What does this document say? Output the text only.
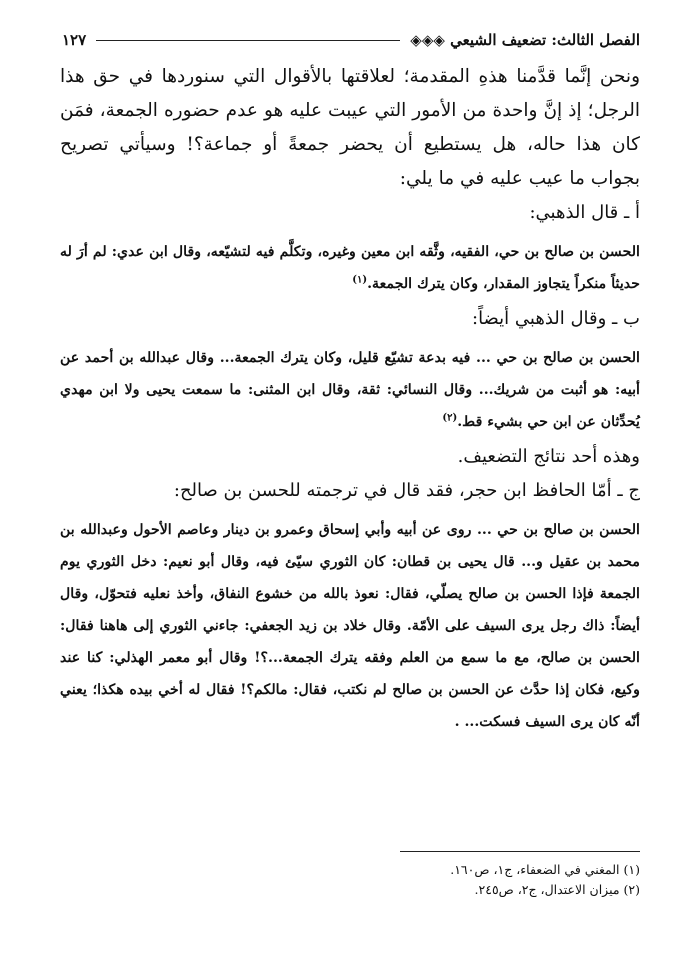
الفصل الثالث: تضعيف الشيعي ◈◈◈
١٢٧

ونحن إنَّما قدَّمنا هذهِ المقدمة؛ لعلاقتها بالأقوال التي سنوردها في حق هذا الرجل؛ إذ إنَّ واحدة من الأمور التي عيبت عليه هو عدم حضوره الجمعة، فمَن كان هذا حاله، هل يستطيع أن يحضر جمعةً أو جماعة؟! وسيأتي تصريح بجواب ما عيب عليه في ما يلي:

أ ـ قال الذهبي:

الحسن بن صالح بن حي، الفقيه، وثَّقه ابن معين وغيره، وتكلَّم فيه لتشيّعه، وقال ابن عدي: لم أرَ له حديثاً منكراً يتجاوز المقدار، وكان يترك الجمعة.$^{(١)}$

ب ـ وقال الذهبي أيضاً:

الحسن بن صالح بن حي ... فيه بدعة تشيّع قليل، وكان يترك الجمعة... وقال عبدالله بن أحمد عن أبيه: هو أثبت من شريك... وقال النسائي: ثقة، وقال ابن المثنى: ما سمعت يحيى ولا ابن مهدي يُحدِّثان عن ابن حي بشيء قط.$^{(٢)}$

وهذه أحد نتائج التضعيف.

ج ـ أمّا الحافظ ابن حجر، فقد قال في ترجمته للحسن بن صالح:

الحسن بن صالح بن حي ... روى عن أبيه وأبي إسحاق وعمرو بن دينار وعاصم الأحول وعبدالله بن محمد بن عقيل و... قال يحيى بن قطان: كان الثوري سيّئ فيه، وقال أبو نعيم: دخل الثوري يوم الجمعة فإذا الحسن بن صالح يصلّي، فقال: نعوذ بالله من خشوع النفاق، وأخذ نعليه فتحوّل، وقال أيضاً: ذاك رجل يرى السيف على الأمّة. وقال خلاد بن زيد الجعفي: جاءني الثوري إلى هاهنا فقال: الحسن بن صالح، مع ما سمع من العلم وفقه يترك الجمعة...؟! وقال أبو معمر الهذلي: كنا عند وكيع، فكان إذا حدَّث عن الحسن بن صالح لم نكتب، فقال: مالكم؟! فقال له أخي بيده هكذا؛ يعني أنّه كان يرى السيف فسكت... .

(١) المغني في الضعفاء، ج١، ص١٦٠.
(٢) ميزان الاعتدال، ج٢، ص٢٤٥.
